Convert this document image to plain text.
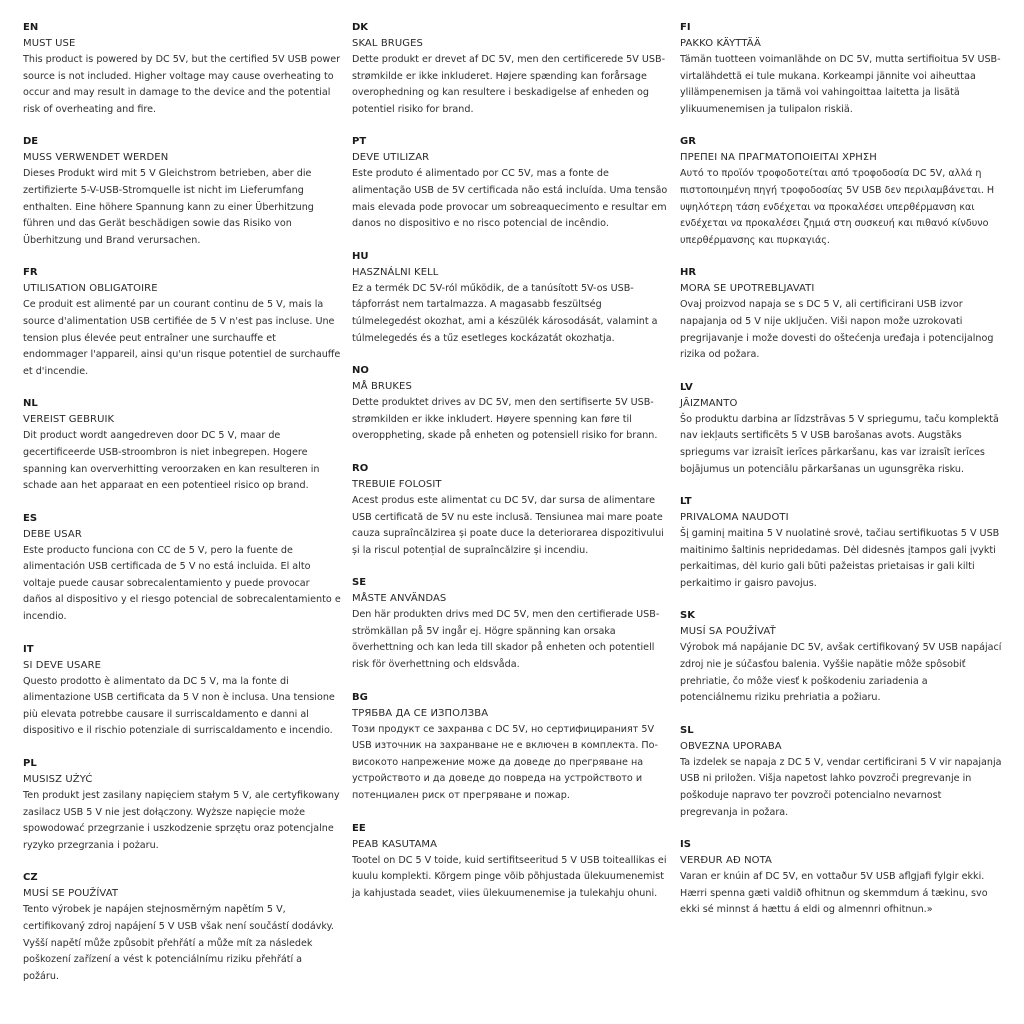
EN
MUST USE
This product is powered by DC 5V, but the certified 5V USB power source is not included. Higher voltage may cause overheating to occur and may result in damage to the device and the potential risk of overheating and fire.
DE
MUSS VERWENDET WERDEN
Dieses Produkt wird mit 5 V Gleichstrom betrieben, aber die zertifizierte 5-V-USB-Stromquelle ist nicht im Lieferumfang enthalten. Eine höhere Spannung kann zu einer Überhitzung führen und das Gerät beschädigen sowie das Risiko von Überhitzung und Brand verursachen.
FR
UTILISATION OBLIGATOIRE
Ce produit est alimenté par un courant continu de 5 V, mais la source d'alimentation USB certifiée de 5 V n'est pas incluse. Une tension plus élevée peut entraîner une surchauffe et endommager l'appareil, ainsi qu'un risque potentiel de surchauffe et d'incendie.
NL
VEREIST GEBRUIK
Dit product wordt aangedreven door DC 5 V, maar de gecertificeerde USB-stroombron is niet inbegrepen. Hogere spanning kan oververhitting veroorzaken en kan resulteren in schade aan het apparaat en een potentieel risico op brand.
ES
DEBE USAR
Este producto funciona con CC de 5 V, pero la fuente de alimentación USB certificada de 5 V no está incluida. El alto voltaje puede causar sobrecalentamiento y puede provocar daños al dispositivo y el riesgo potencial de sobrecalentamiento e incendio.
IT
SI DEVE USARE
Questo prodotto è alimentato da DC 5 V, ma la fonte di alimentazione USB certificata da 5 V non è inclusa. Una tensione più elevata potrebbe causare il surriscaldamento e danni al dispositivo e il rischio potenziale di surriscaldamento e incendio.
PL
MUSISZ UŻYĆ
Ten produkt jest zasilany napięciem stałym 5 V, ale certyfikowany zasilacz USB 5 V nie jest dołączony. Wyższe napięcie może spowodować przegrzanie i uszkodzenie sprzętu oraz potencjalne ryzyko przegrzania i pożaru.
CZ
MUSÍ SE POUŽÍVAT
Tento výrobek je napájen stejnosměrným napětím 5 V, certifikovaný zdroj napájení 5 V USB však není součástí dodávky. Vyšší napětí může způsobit přehřátí a může mít za následek poškození zařízení a vést k potenciálnímu riziku přehřátí a požáru.
DK
SKAL BRUGES
Dette produkt er drevet af DC 5V, men den certificerede 5V USB-strømkilde er ikke inkluderet. Højere spænding kan forårsage overophedning og kan resultere i beskadigelse af enheden og potentiel risiko for brand.
PT
DEVE UTILIZAR
Este produto é alimentado por CC 5V, mas a fonte de alimentação USB de 5V certificada não está incluída. Uma tensão mais elevada pode provocar um sobreaquecimento e resultar em danos no dispositivo e no risco potencial de incêndio.
HU
HASZNÁLNI KELL
Ez a termék DC 5V-ról működik, de a tanúsított 5V-os USB-tápforrást nem tartalmazza. A magasabb feszültség túlmelegedést okozhat, ami a készülék károsodását, valamint a túlmelegedés és a tűz esetleges kockázatát okozhatja.
NO
MÅ BRUKES
Dette produktet drives av DC 5V, men den sertifiserte 5V USB-strømkilden er ikke inkludert. Høyere spenning kan føre til overoppheting, skade på enheten og potensiell risiko for brann.
RO
TREBUIE FOLOSIT
Acest produs este alimentat cu DC 5V, dar sursa de alimentare USB certificată de 5V nu este inclusă. Tensiunea mai mare poate cauza supraîncălzirea și poate duce la deteriorarea dispozitivului și la riscul potențial de supraîncălzire și incendiu.
SE
MÅSTE ANVÄNDAS
Den här produkten drivs med DC 5V, men den certifierade USB-strömkällan på 5V ingår ej. Högre spänning kan orsaka överhettning och kan leda till skador på enheten och potentiell risk för överhettning och eldsvåda.
BG
ТРЯБВА ДА СЕ ИЗПОЛЗВА
Този продукт се захранва с DC 5V, но сертифицираният 5V USB източник на захранване не е включен в комплекта. По-високото напрежение може да доведе до прегряване на устройството и да доведе до повреда на устройството и потенциален риск от прегряване и пожар.
EE
PEAB KASUTAMA
Tootel on DC 5 V toide, kuid sertifitseeritud 5 V USB toiteallikas ei kuulu komplekti. Kõrgem pinge võib põhjustada ülekuumenemist ja kahjustada seadet, viies ülekuumenemise ja tulekahju ohuni.
FI
PAKKO KÄYTTÄÄ
Tämän tuotteen voimanlähde on DC 5V, mutta sertifioitua 5V USB-virtalähdettä ei tule mukana. Korkeampi jännite voi aiheuttaa ylilämpenemisen ja tämä voi vahingoittaa laitetta ja lisätä ylikuumenemisen ja tulipalon riskiä.
GR
ΠΡΕΠΕΙ ΝΑ ΠΡΑΓΜΑΤΟΠΟΙΕΙΤΑΙ ΧΡΗΣΗ
Αυτό το προϊόν τροφοδοτείται από τροφοδοσία DC 5V, αλλά η πιστοποιημένη πηγή τροφοδοσίας 5V USB δεν περιλαμβάνεται. Η υψηλότερη τάση ενδέχεται να προκαλέσει υπερθέρμανση και ενδέχεται να προκαλέσει ζημιά στη συσκευή και πιθανό κίνδυνο υπερθέρμανσης και πυρκαγιάς.
HR
MORA SE UPOTREBLJAVATI
Ovaj proizvod napaja se s DC 5 V, ali certificirani USB izvor napajanja od 5 V nije uključen. Viši napon može uzrokovati pregrijavanje i može dovesti do oštećenja uređaja i potencijalnog rizika od požara.
LV
JĀIZMANTO
Šo produktu darbina ar līdzstrāvas 5 V spriegumu, taču komplektā nav iekļauts sertificēts 5 V USB barošanas avots. Augstāks spriegums var izraisīt ierīces pārkaršanu, kas var izraisīt ierīces bojājumus un potenciālu pārkaršanas un ugunsgrēka risku.
LT
PRIVALOMA NAUDOTI
Šį gaminį maitina 5 V nuolatinė srovė, tačiau sertifikuotas 5 V USB maitinimo šaltinis nepridedamas. Dėl didesnės įtampos gali įvykti perkaitimas, dėl kurio gali būti pažeistas prietaisas ir gali kilti perkaitimo ir gaisro pavojus.
SK
MUSÍ SA POUŽÍVAŤ
Výrobok má napájanie DC 5V, avšak certifikovaný 5V USB napájací zdroj nie je súčasťou balenia. Vyššie napätie môže spôsobiť prehriatie, čo môže viesť k poškodeniu zariadenia a potenciálnemu riziku prehriatia a požiaru.
SL
OBVEZNA UPORABA
Ta izdelek se napaja z DC 5 V, vendar certificirani 5 V vir napajanja USB ni priložen. Višja napetost lahko povzroči pregrevanje in poškoduje napravo ter povzroči potencialno nevarnost pregrevanja in požara.
IS
VERÐUR AÐ NOTA
Varan er knúin af DC 5V, en vottaður 5V USB aflgjafi fylgir ekki. Hærri spenna gæti valdið ofhitnun og skemmdum á tækinu, svo ekki sé minnst á hættu á eldi og almennri ofhitnun.»
